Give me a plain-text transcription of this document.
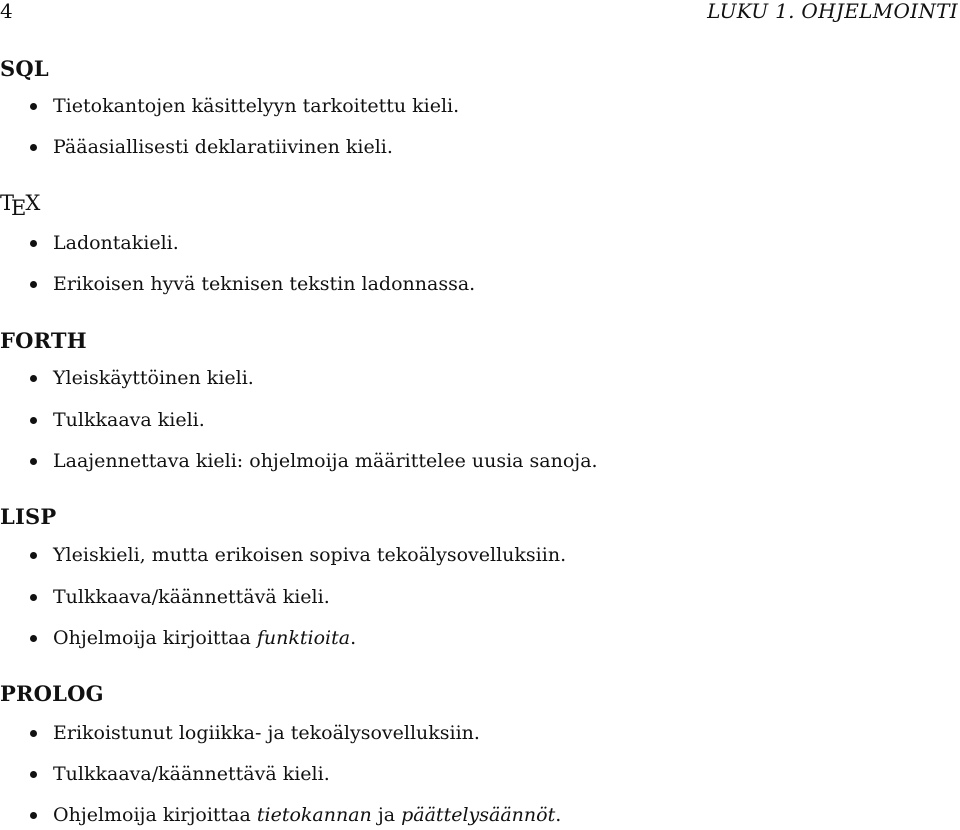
4	LUKU 1. OHJELMOINTI
SQL
Tietokantojen käsittelyyn tarkoitettu kieli.
Pääasiallisesti deklaratiivinen kieli.
TEX
Ladontakieli.
Erikoisen hyvä teknisen tekstin ladonnassa.
FORTH
Yleiskäyttöinen kieli.
Tulkkaava kieli.
Laajennettava kieli: ohjelmoija määrittelee uusia sanoja.
LISP
Yleiskieli, mutta erikoisen sopiva tekoälysovelluksiin.
Tulkkaava/käännettävä kieli.
Ohjelmoija kirjoittaa funktioita.
PROLOG
Erikoistunut logiikka- ja tekoälysovelluksiin.
Tulkkaava/käännettävä kieli.
Ohjelmoija kirjoittaa tietokannan ja päättelysäännöt.
